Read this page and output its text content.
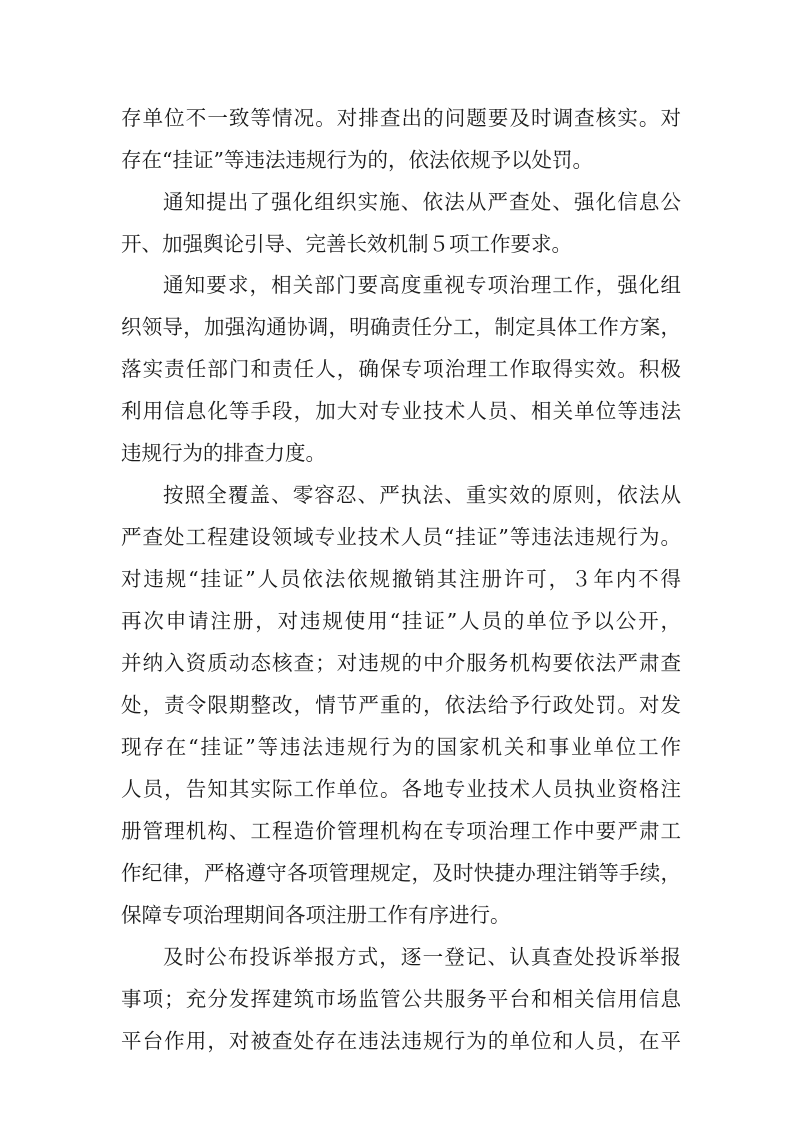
存单位不一致等情况。对排查出的问题要及时调查核实。对
存在“挂证”等违法违规行为的，依法依规予以处罚。
通知提出了强化组织实施、依法从严查处、强化信息公
开、加强舆论引导、完善长效机制５项工作要求。
通知要求，相关部门要高度重视专项治理工作，强化组
织领导，加强沟通协调，明确责任分工，制定具体工作方案，
落实责任部门和责任人，确保专项治理工作取得实效。积极
利用信息化等手段，加大对专业技术人员、相关单位等违法
违规行为的排查力度。
按照全覆盖、零容忍、严执法、重实效的原则，依法从
严查处工程建设领域专业技术人员“挂证”等违法违规行为。
对违规“挂证”人员依法依规撤销其注册许可，３年内不得
再次申请注册，对违规使用“挂证”人员的单位予以公开，
并纳入资质动态核查；对违规的中介服务机构要依法严肃查
处，责令限期整改，情节严重的，依法给予行政处罚。对发
现存在“挂证”等违法违规行为的国家机关和事业单位工作
人员，告知其实际工作单位。各地专业技术人员执业资格注
册管理机构、工程造价管理机构在专项治理工作中要严肃工
作纪律，严格遵守各项管理规定，及时快捷办理注销等手续，
保障专项治理期间各项注册工作有序进行。
及时公布投诉举报方式，逐一登记、认真查处投诉举报
事项；充分发挥建筑市场监管公共服务平台和相关信用信息
平台作用，对被查处存在违法违规行为的单位和人员，在平
